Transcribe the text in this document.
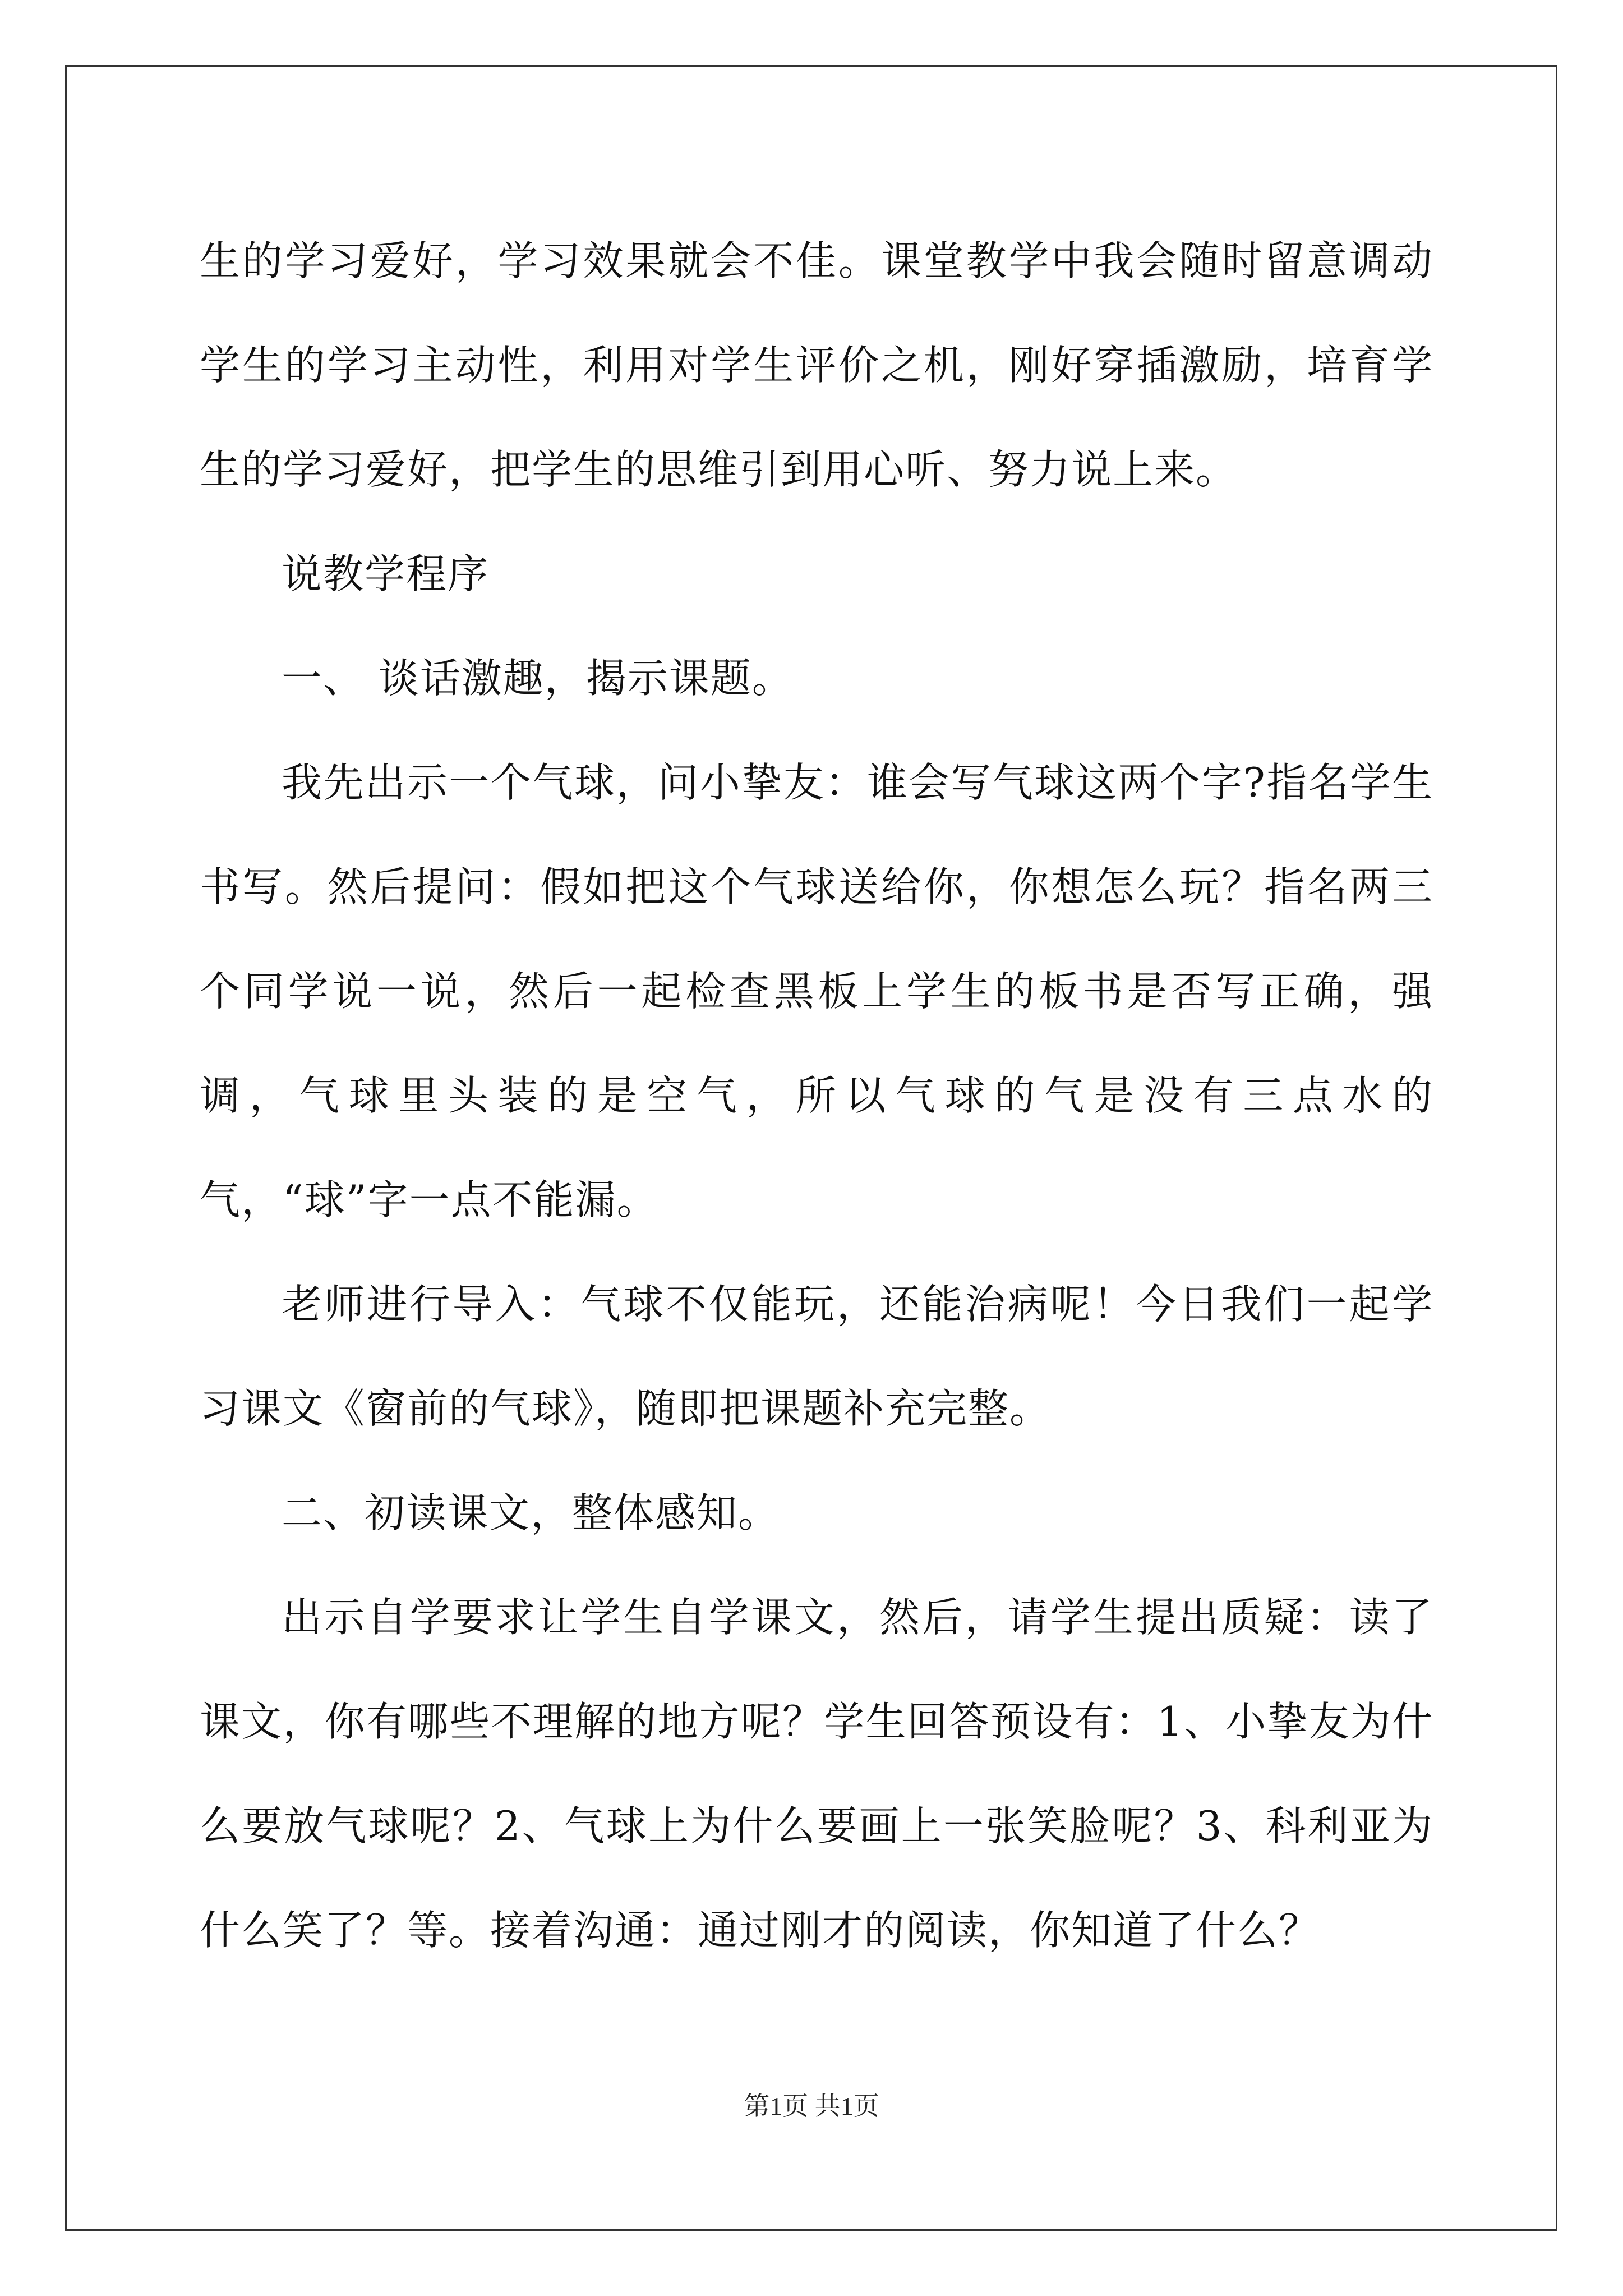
生的学习爱好，学习效果就会不佳。课堂教学中我会随时留意调动学生的学习主动性，利用对学生评价之机，刚好穿插激励，培育学生的学习爱好，把学生的思维引到用心听、努力说上来。

说教学程序

一、 谈话激趣，揭示课题。

我先出示一个气球，问小挚友：谁会写气球这两个字?指名学生书写。然后提问：假如把这个气球送给你，你想怎么玩？指名两三个同学说一说，然后一起检查黑板上学生的板书是否写正确，强调，气球里头装的是空气，所以气球的气是没有三点水的气，“球”字一点不能漏。

老师进行导入：气球不仅能玩，还能治病呢！今日我们一起学习课文《窗前的气球》，随即把课题补充完整。

二、初读课文，整体感知。

出示自学要求让学生自学课文，然后，请学生提出质疑：读了课文，你有哪些不理解的地方呢？学生回答预设有：1、小挚友为什么要放气球呢？2、气球上为什么要画上一张笑脸呢？3、科利亚为什么笑了？等。接着沟通：通过刚才的阅读，你知道了什么？

第1页 共1页
